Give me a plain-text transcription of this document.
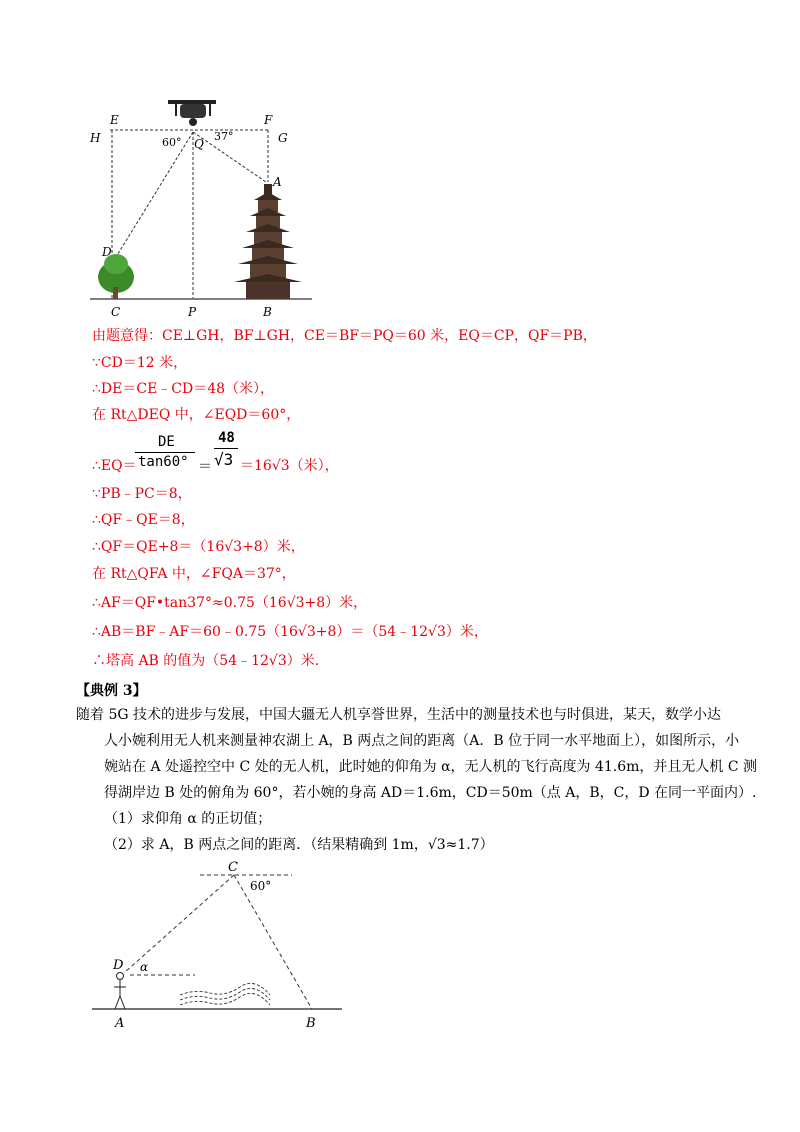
E	F
H	G
Q
60°	37°
A
D
C	P	B
由题意得：CE⊥GH，BF⊥GH，CE＝BF＝PQ＝60 米，EQ＝CP，QF＝PB，
∵CD＝12 米，
∴DE＝CE﹣CD＝48（米），
在 Rt△DEQ 中，∠EQD＝60°，
∴EQ＝
DE
tan60° ＝
48
√3 ＝16√3（米），
∵PB﹣PC＝8，
∴QF﹣QE＝8，
∴QF＝QE+8＝（16√3+8）米，
在 Rt△QFA 中，∠FQA＝37°，
∴AF＝QF•tan37°≈0.75（16√3+8）米，
∴AB＝BF﹣AF＝60﹣0.75（16√3+8）＝（54﹣12√3）米，
∴塔高 AB 的值为（54﹣12√3）米.
【典例 3】
随着 5G 技术的进步与发展，中国大疆无人机享誉世界，生活中的测量技术也与时俱进，某天，数学小达
人小婉利用无人机来测量神农湖上 A，B 两点之间的距离（A．B 位于同一水平地面上），如图所示，小
婉站在 A 处遥控空中 C 处的无人机，此时她的仰角为 α，无人机的飞行高度为 41.6m，并且无人机 C 测
得湖岸边 B 处的俯角为 60°，若小婉的身高 AD＝1.6m，CD＝50m（点 A，B，C，D 在同一平面内）.
（1）求仰角 α 的正切值；
（2）求 A，B 两点之间的距离．（结果精确到 1m，√3≈1.7）
C
60°
D α
A	B
